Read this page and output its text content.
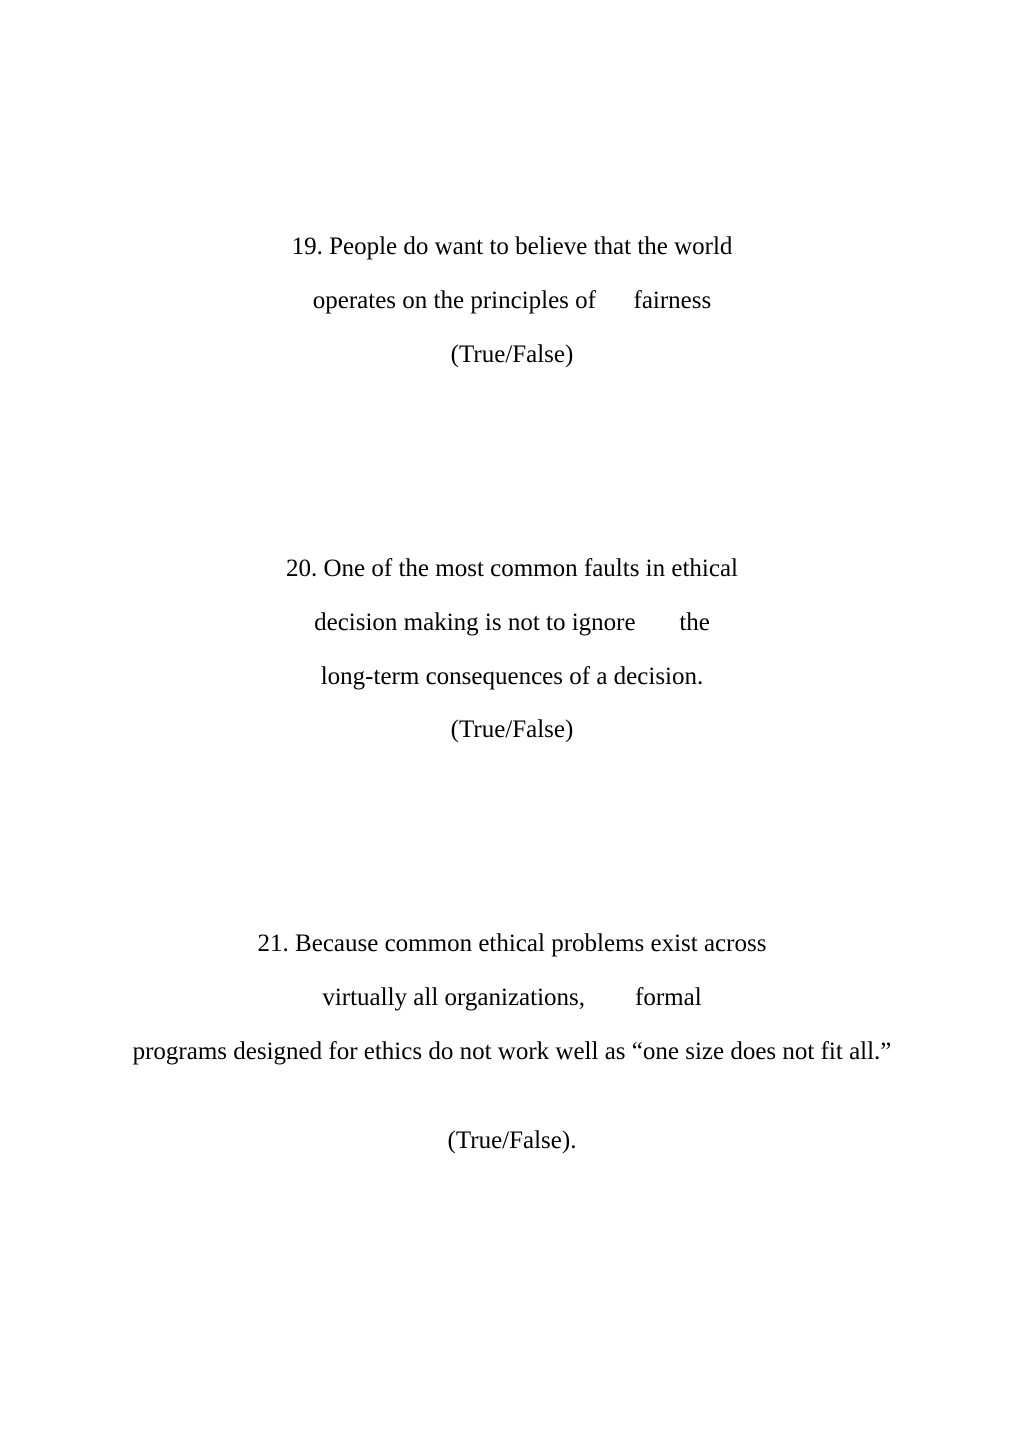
19. People do want to believe that the world
operates on the principles of      fairness
(True/False)
20. One of the most common faults in ethical
decision making is not to ignore       the
long-term consequences of a decision.
(True/False)
21. Because common ethical problems exist across
virtually all organizations,        formal
programs designed for ethics do not work well as “one size does not fit all.”
(True/False).
